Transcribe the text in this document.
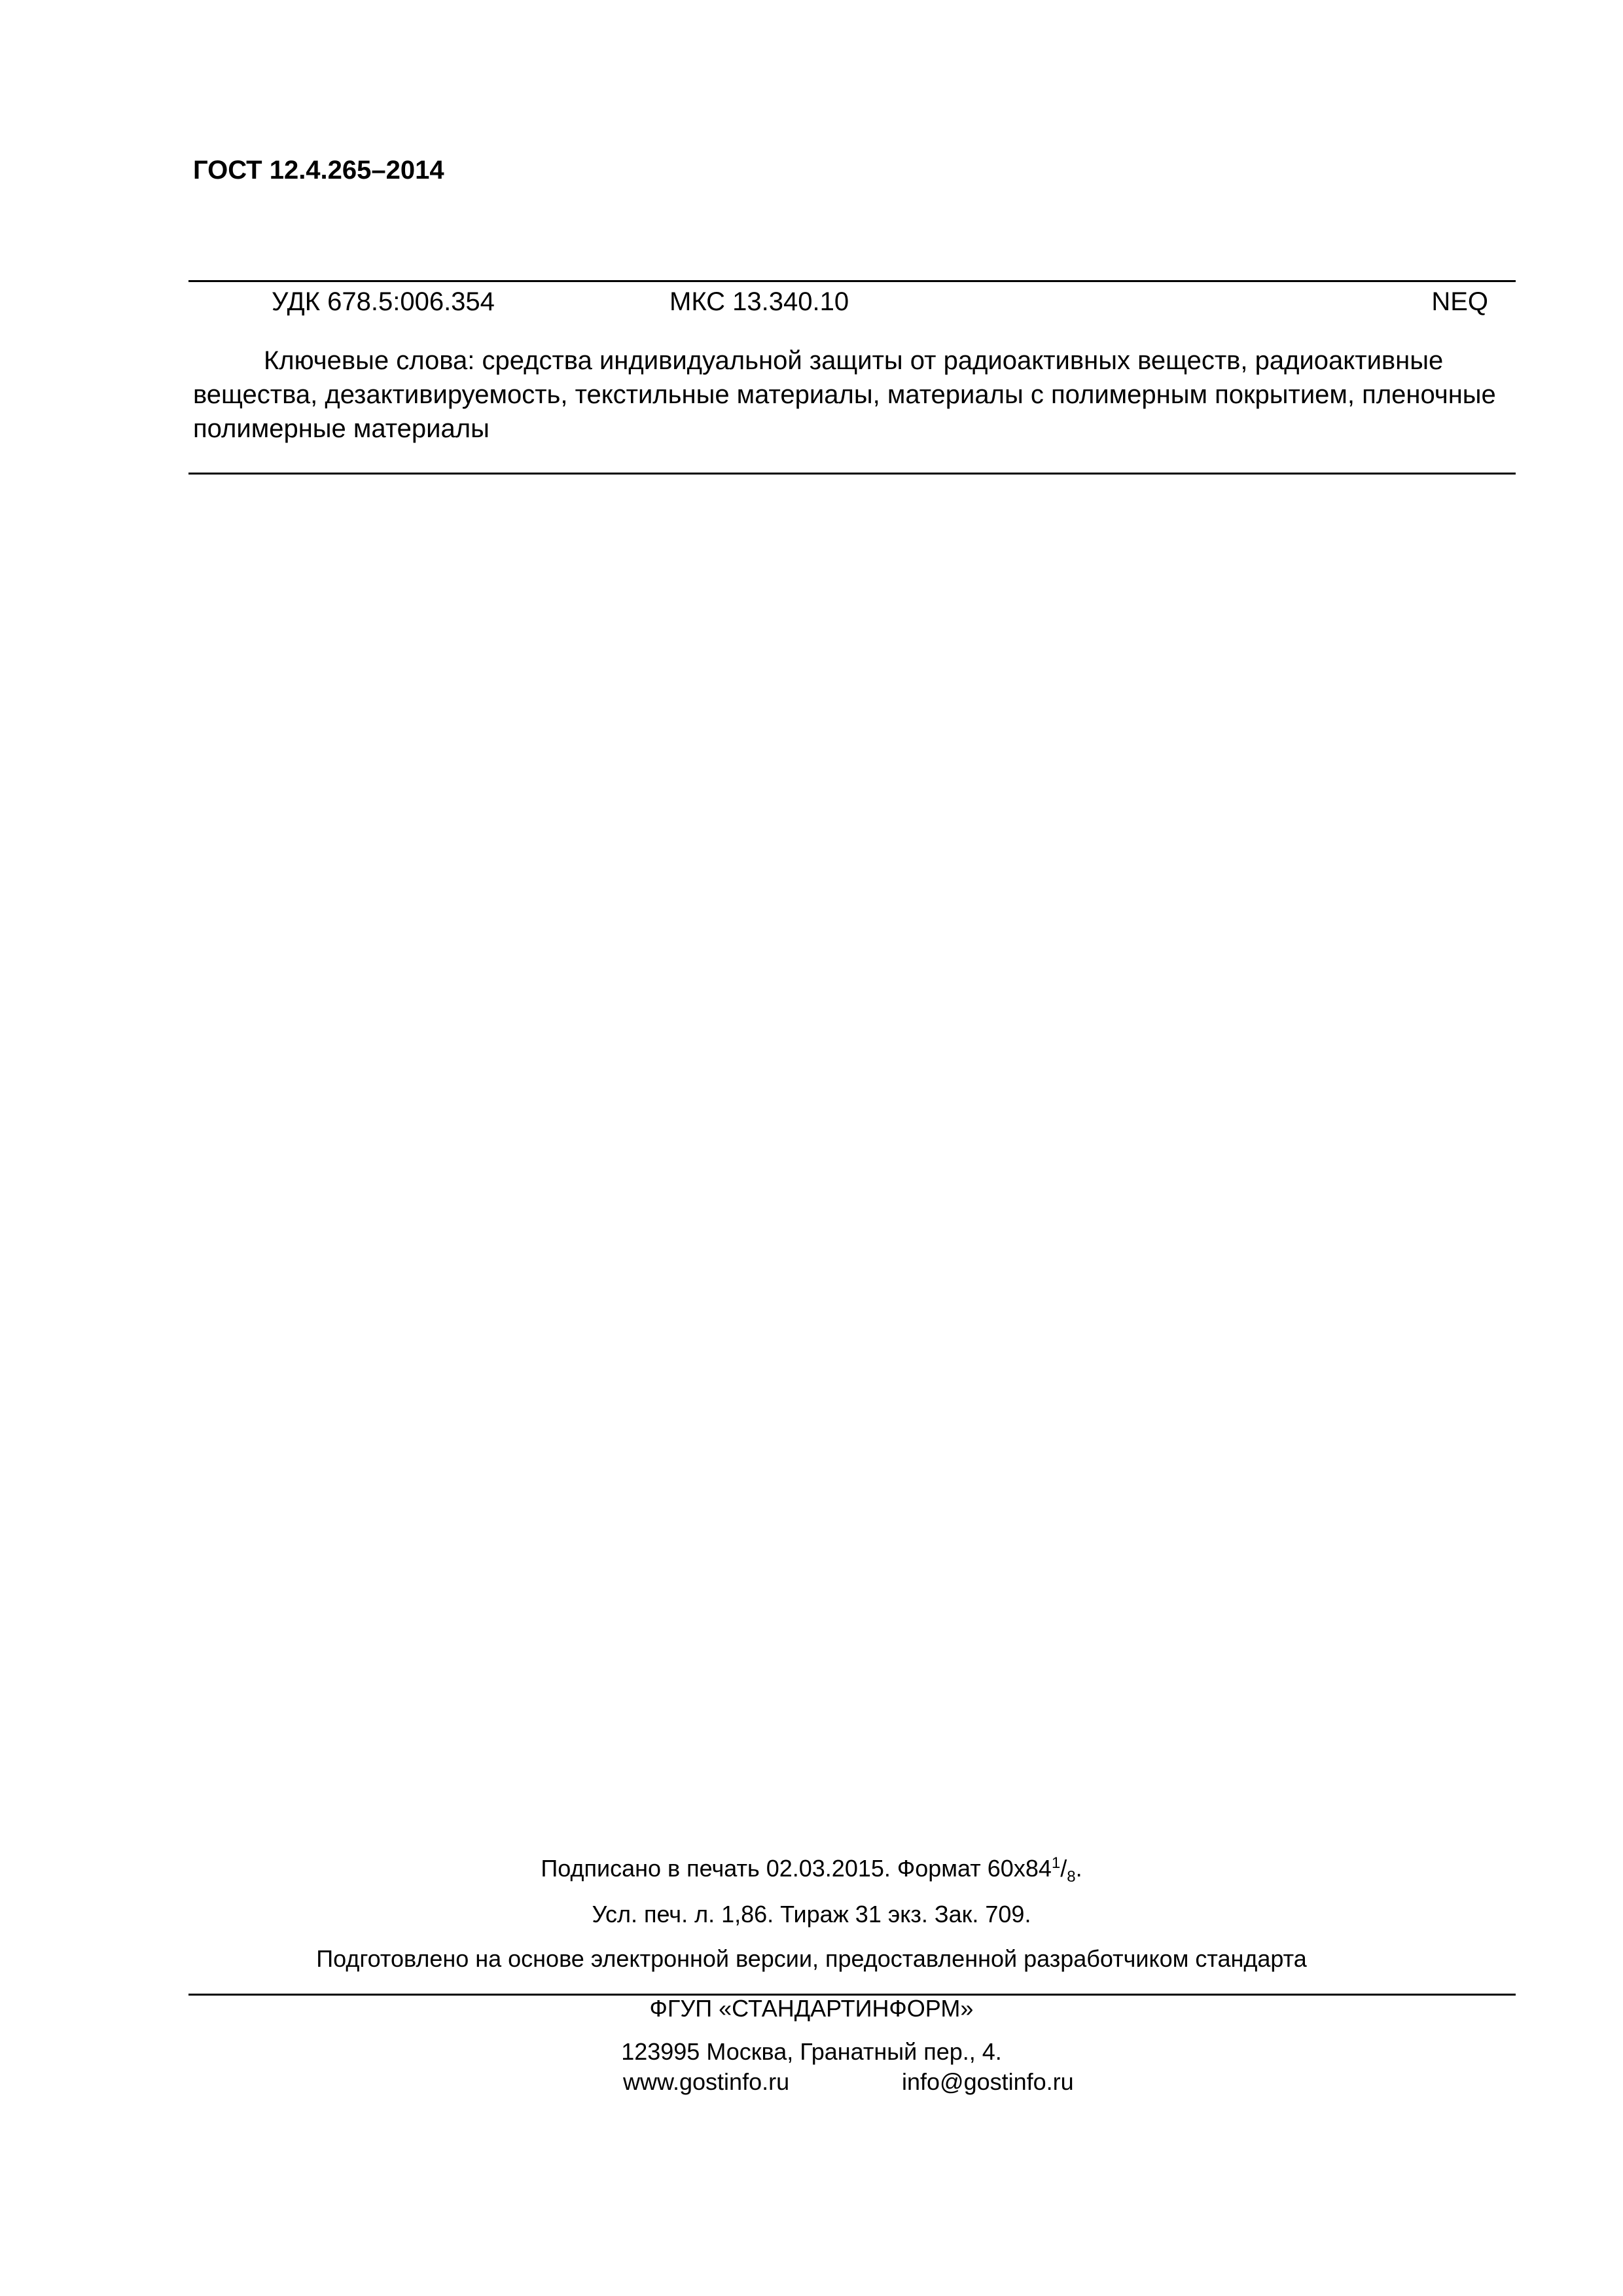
ГОСТ 12.4.265–2014
УДК 678.5:006.354	МКС 13.340.10	NEQ

Ключевые слова: средства индивидуальной защиты от радиоактивных веществ, радиоактивные вещества, дезактивируемость, текстильные материалы, материалы с полимерным покрытием, пленочные полимерные материалы

Подписано в печать 02.03.2015. Формат $60x84^1/_8$.
Усл. печ. л. 1,86. Тираж 31 экз. Зак. 709.
Подготовлено на основе электронной версии, предоставленной разработчиком стандарта
ФГУП «СТАНДАРТИНФОРМ»
123995 Москва, Гранатный пер., 4.
www.gostinfo.ru	info@gostinfo.ru
